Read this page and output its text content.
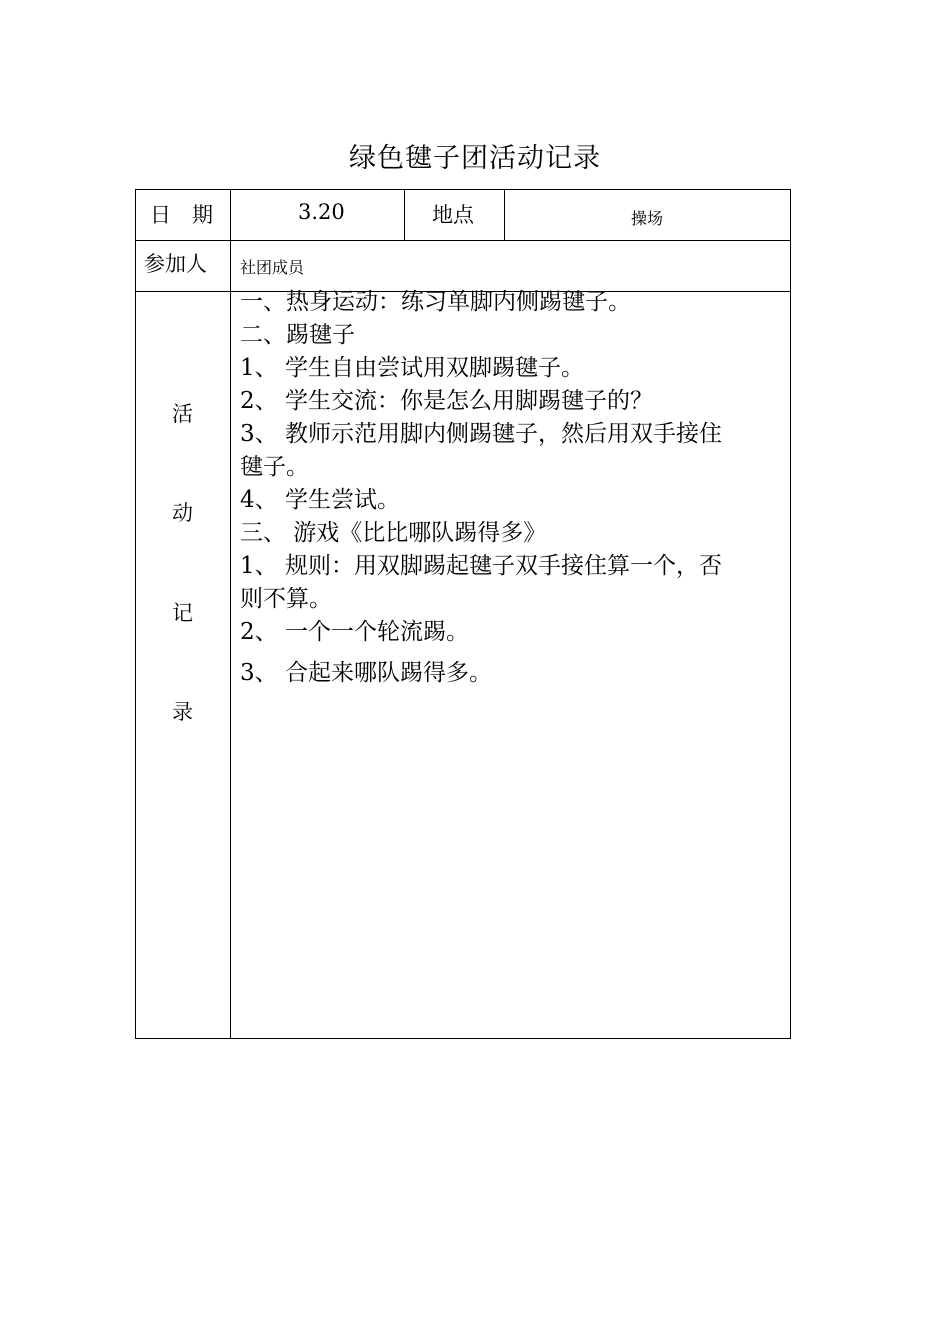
绿色毽子团活动记录
日　期	3.20	地点	操场
参加人 社团成员
活
动
记
录

一、热身运动：练习单脚内侧踢毽子。

二、踢毽子

1、 学生自由尝试用双脚踢毽子。

2、 学生交流：你是怎么用脚踢毽子的？

3、 教师示范用脚内侧踢毽子，然后用双手接住

毽子。

4、 学生尝试。

三、 游戏《比比哪队踢得多》

1、 规则：用双脚踢起毽子双手接住算一个，否

则不算。

2、 一个一个轮流踢。

3、 合起来哪队踢得多。
